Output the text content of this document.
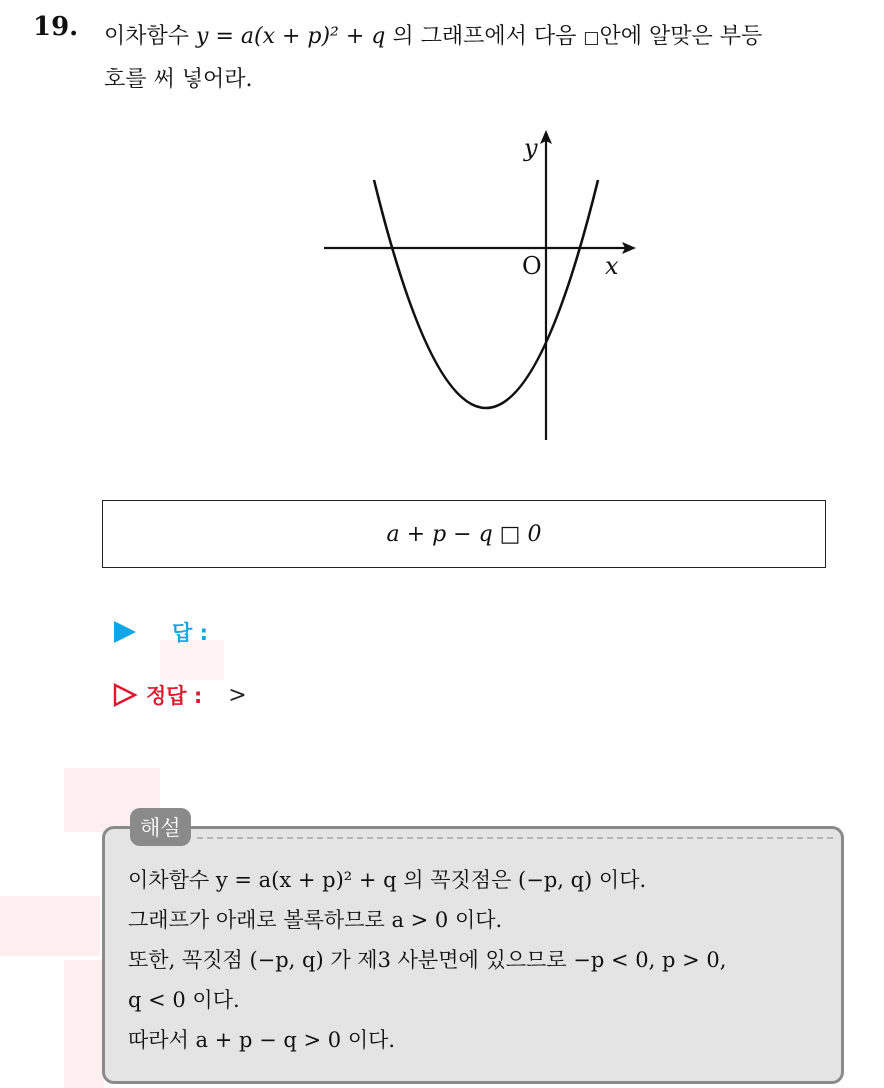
19. 이차함수 y = a(x + p)² + q 의 그래프에서 다음 □안에 알맞은 부등
호를 써 넣어라.
y
x
O
a + p − q □ 0
답 :
정답 : >
해설
이차함수 y = a(x + p)² + q 의 꼭짓점은 (−p, q) 이다.
그래프가 아래로 볼록하므로 a > 0 이다.
또한, 꼭짓점 (−p, q) 가 제3 사분면에 있으므로 −p < 0, p > 0,
q < 0 이다.
따라서 a + p − q > 0 이다.
